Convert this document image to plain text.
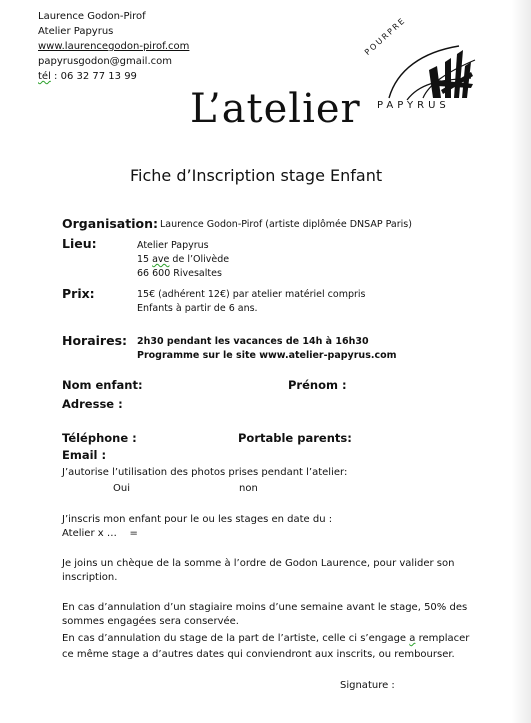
Laurence Godon-Pirof
Atelier Papyrus
www.laurencegodon-pirof.com
papyrusgodon@gmail.com
tél : 06 32 77 13 99
L’atelier
POURPRE
PAPYRUS
Fiche d’Inscription stage Enfant
Organisation: Laurence Godon-Pirof (artiste diplômée DNSAP Paris)
Lieu:	Atelier Papyrus
15 ave de l’Olivède
66 600 Rivesaltes
Prix:	15€ (adhérent 12€) par atelier matériel compris
Enfants à partir de 6 ans.
Horaires: 2h30 pendant les vacances de 14h à 16h30
Programme sur le site www.atelier-papyrus.com
Nom enfant:	Prénom :
Adresse :
Téléphone :	Portable parents:
Email :
J’autorise l’utilisation des photos prises pendant l’atelier:
Oui	non
J’inscris mon enfant pour le ou les stages en date du :
Atelier x …    =
Je joins un chèque de la somme à l’ordre de Godon Laurence, pour valider son
inscription.
En cas d’annulation d’un stagiaire moins d’une semaine avant le stage, 50% des
sommes engagées sera conservée.
En cas d’annulation du stage de la part de l’artiste, celle ci s’engage a remplacer
ce même stage a d’autres dates qui conviendront aux inscrits, ou rembourser.
Signature :
